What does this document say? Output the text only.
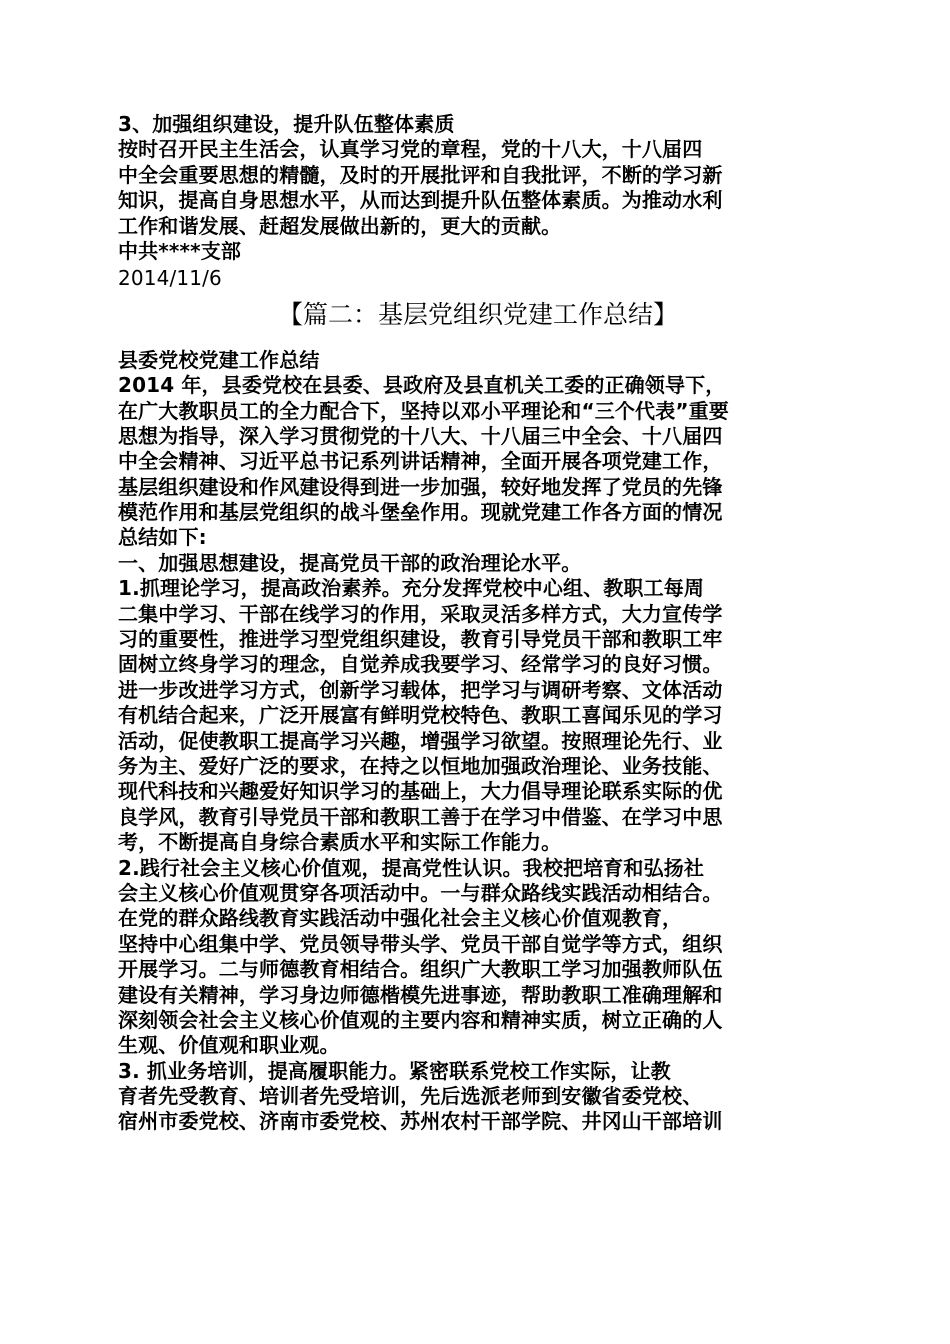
3、加强组织建设，提升队伍整体素质
按时召开民主生活会，认真学习党的章程，党的十八大，十八届四
中全会重要思想的精髓，及时的开展批评和自我批评，不断的学习新
知识，提高自身思想水平，从而达到提升队伍整体素质。为推动水利
工作和谐发展、赶超发展做出新的，更大的贡献。
中共****支部
2014/11/6
【篇二：基层党组织党建工作总结】
县委党校党建工作总结
2014 年，县委党校在县委、县政府及县直机关工委的正确领导下，
在广大教职员工的全力配合下，坚持以邓小平理论和“三个代表”重要
思想为指导，深入学习贯彻党的十八大、十八届三中全会、十八届四
中全会精神、习近平总书记系列讲话精神，全面开展各项党建工作，
基层组织建设和作风建设得到进一步加强，较好地发挥了党员的先锋
模范作用和基层党组织的战斗堡垒作用。现就党建工作各方面的情况
总结如下:
一、加强思想建设，提高党员干部的政治理论水平。
1.抓理论学习，提高政治素养。充分发挥党校中心组、教职工每周
二集中学习、干部在线学习的作用，采取灵活多样方式，大力宣传学
习的重要性，推进学习型党组织建设，教育引导党员干部和教职工牢
固树立终身学习的理念，自觉养成我要学习、经常学习的良好习惯。
进一步改进学习方式，创新学习载体，把学习与调研考察、文体活动
有机结合起来，广泛开展富有鲜明党校特色、教职工喜闻乐见的学习
活动，促使教职工提高学习兴趣，增强学习欲望。按照理论先行、业
务为主、爱好广泛的要求，在持之以恒地加强政治理论、业务技能、
现代科技和兴趣爱好知识学习的基础上，大力倡导理论联系实际的优
良学风，教育引导党员干部和教职工善于在学习中借鉴、在学习中思
考，不断提高自身综合素质水平和实际工作能力。
2.践行社会主义核心价值观，提高党性认识。我校把培育和弘扬社
会主义核心价值观贯穿各项活动中。一与群众路线实践活动相结合。
在党的群众路线教育实践活动中强化社会主义核心价值观教育，
坚持中心组集中学、党员领导带头学、党员干部自觉学等方式，组织
开展学习。二与师德教育相结合。组织广大教职工学习加强教师队伍
建设有关精神，学习身边师德楷模先进事迹，帮助教职工准确理解和
深刻领会社会主义核心价值观的主要内容和精神实质，树立正确的人
生观、价值观和职业观。
3. 抓业务培训，提高履职能力。紧密联系党校工作实际，让教
育者先受教育、培训者先受培训，先后选派老师到安徽省委党校、
宿州市委党校、济南市委党校、苏州农村干部学院、井冈山干部培训
